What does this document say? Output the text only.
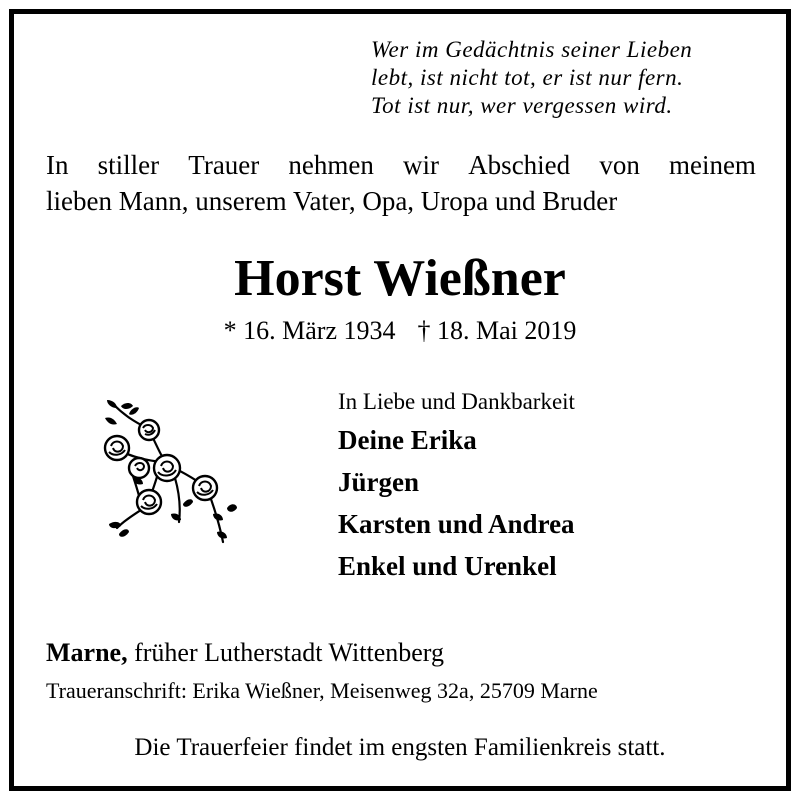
Wer im Gedächtnis seiner Lieben
lebt, ist nicht tot, er ist nur fern.
Tot ist nur, wer vergessen wird.
In stiller Trauer nehmen wir Abschied von meinem
lieben Mann, unserem Vater, Opa, Uropa und Bruder
Horst Wießner
* 16. März 1934 † 18. Mai 2019
In Liebe und Dankbarkeit
Deine Erika
Jürgen
Karsten und Andrea
Enkel und Urenkel
Marne, früher Lutherstadt Wittenberg
Traueranschrift: Erika Wießner, Meisenweg 32a, 25709 Marne
Die Trauerfeier findet im engsten Familienkreis statt.
